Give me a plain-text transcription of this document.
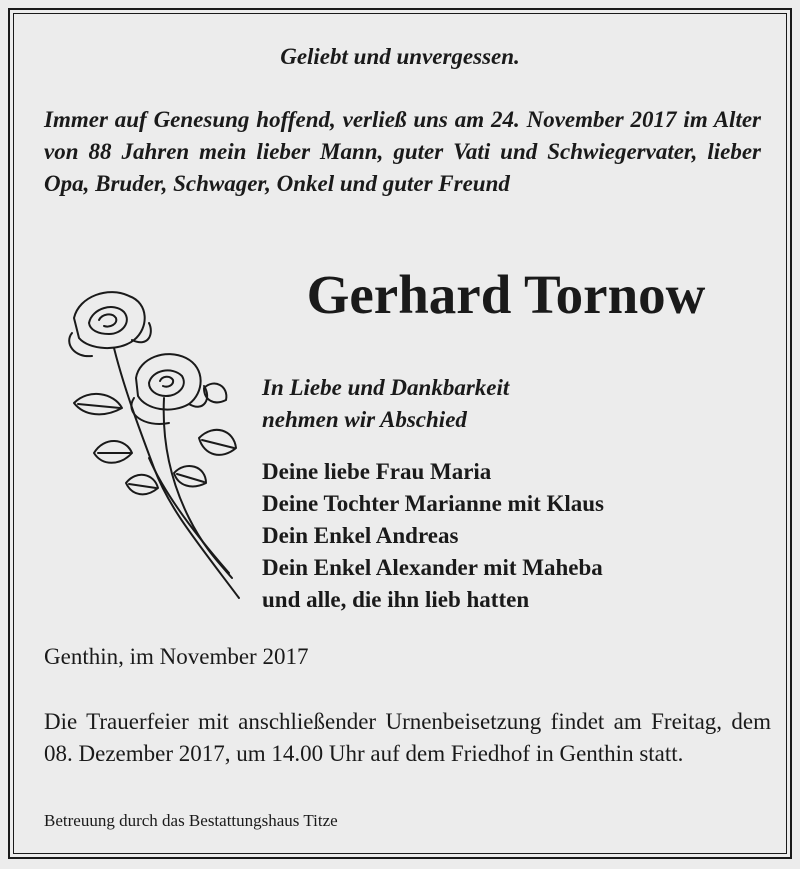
Geliebt und unvergessen.
Immer auf Genesung hoffend, verließ uns am 24. November 2017 im Alter von 88 Jahren mein lieber Mann, guter Vati und Schwiegervater, lieber Opa, Bruder, Schwager, Onkel und guter Freund
Gerhard Tornow
In Liebe und Dankbarkeit
nehmen wir Abschied
Deine liebe Frau Maria
Deine Tochter Marianne mit Klaus
Dein Enkel Andreas
Dein Enkel Alexander mit Maheba
und alle, die ihn lieb hatten
Genthin, im November 2017
Die Trauerfeier mit anschließender Urnenbeisetzung findet am Freitag, dem 08. Dezember 2017, um 14.00 Uhr auf dem Friedhof in Genthin statt.
Betreuung durch das Bestattungshaus Titze
